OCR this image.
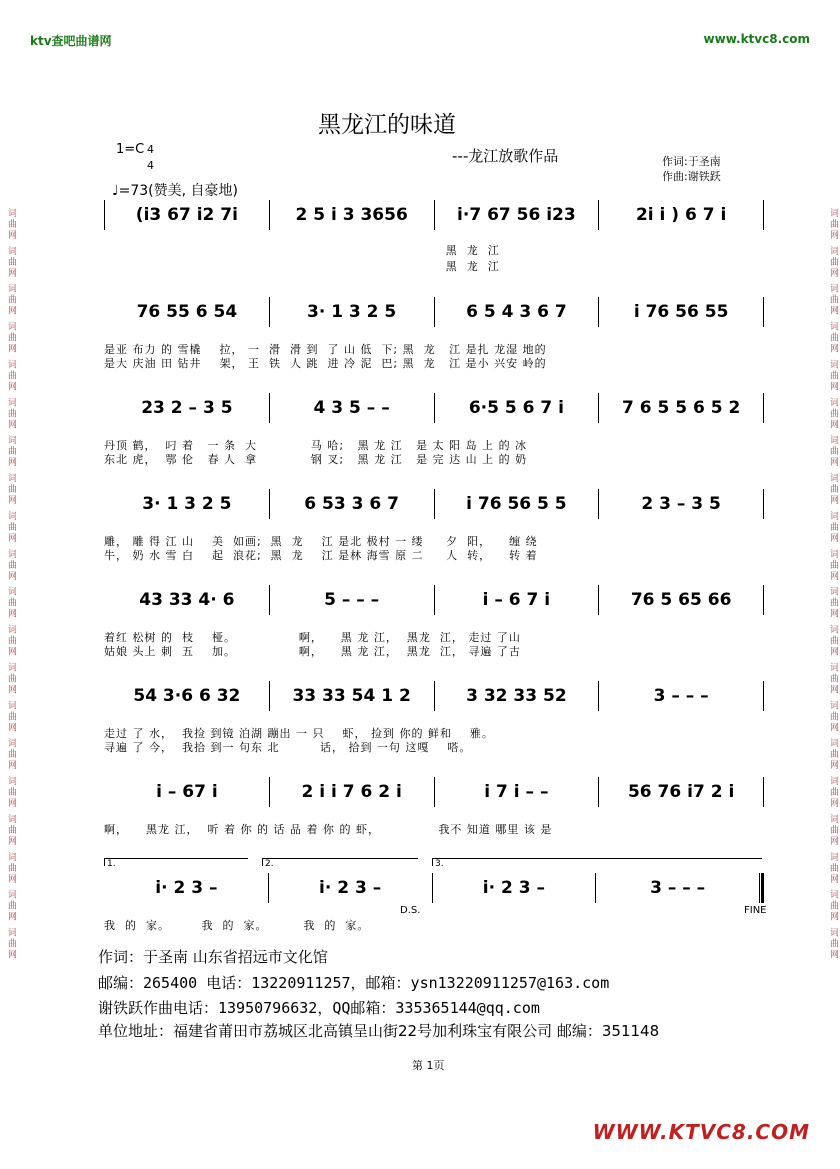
词曲网 词曲网 词曲网 词曲网 词曲网 词曲网 词曲网 词曲网 词曲网 词曲网 词曲网 词曲网 词曲网 词曲网 词曲网 词曲网 词曲网 词曲网 词曲网 词曲网
词曲网 词曲网 词曲网 词曲网 词曲网 词曲网 词曲网 词曲网 词曲网 词曲网 词曲网 词曲网 词曲网 词曲网 词曲网 词曲网 词曲网 词曲网 词曲网 词曲网
ktv查吧曲谱网	www.ktvc8.com
黑龙江的味道
---龙江放歌作品	作词:于圣南
作曲:谢铁跃
1=C 4
4
♩=73(赞美, 自豪地)
(i3 67 i2 7i	2 5 i 3 3656	i·7 67 56 i23	2i i ) 6 7 i
黑  龙  江
黑  龙  江
76 55 6 54	3· 1 3 2 5	6 5 4 3 6 7	i 76 56 55
是亚 布力 的 雪橇    拉， 一  滑  滑 到  了 山 低  下; 黑  龙   江 是扎 龙湿 地的
是大 庆油 田 钻井    架， 王  铁  人 跳  进 冷 泥  巴; 黑  龙   江 是小 兴安 岭的
23 2 – 3 5	4 3 5 – –	6·5 5 6 7 i	7 6 5 5 6 5 2
丹顶 鹤，  叼 着   一 条  大            马 哈;   黑 龙 江   是 太 阳 岛 上 的 冰
东北 虎，  鄂 伦   春 人  拿            钢 叉;   黑 龙 江   是 完 达 山 上 的 奶
3· 1 3 2 5	6 53 3 6 7	i 76 56 5 5	2 3 – 3 5
雕， 雕 得 江 山    美  如画;  黑  龙    江 是北 极村 一 缕     夕  阳，    缠 绕
牛， 奶 水 雪 白    起  浪花;  黑  龙    江 是林 海雪 原 二     人  转，    转 着
43 33 4· 6	5 – – –	i – 6 7 i	76 5 65 66
着红 松树 的  枝    桠。              啊，    黑 龙 江，  黑龙  江， 走过 了山
姑娘 头上 刺  五    加。              啊，    黑 龙 江，  黑龙  江， 寻遍 了古
54 3·6 6 32	33 33 54 1 2	3 32 33 52	3 – – –
走过 了 水，  我捡 到镜 泊湖 蹦出 一 只    虾， 捡到 你的 鲜和    雅。
寻遍 了 今，  我拾 到一 句东 北         话， 拾到 一句 这嘎    嗒。
i – 67 i	2 i i 7 6 2 i	i 7 i – –	56 76 i7 2 i
啊，    黑龙 江，  听 着 你 的 话 品 着 你 的 虾，             我不 知道 哪里 该 是
i· 2 3 –	i· 2 3 –	i· 2 3 –	3 – – –
我  的  家。       我  的  家。        我  的  家。
D.S.	FINE
作词：于圣南 山东省招远市文化馆
邮编：265400 电话：13220911257，邮箱：ysn13220911257@163.com
谢铁跃作曲电话：13950796632，QQ邮箱：335365144@qq.com
单位地址：福建省莆田市荔城区北高镇呈山街22号加利珠宝有限公司 邮编：351148
第 1页
WWW.KTVC8.COM
1.	2.	3.
